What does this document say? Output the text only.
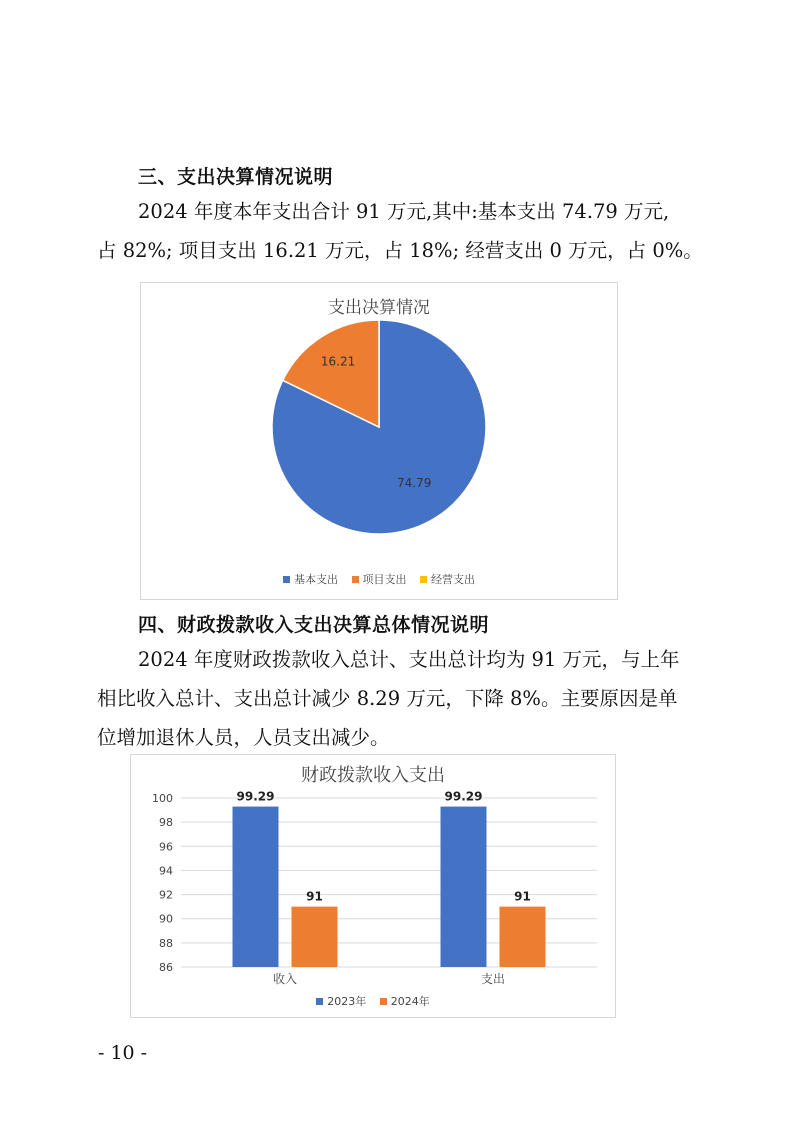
三、支出决算情况说明
2024 年度本年支出合计 91 万元,其中:基本支出 74.79 万元,
占 82%; 项目支出 16.21 万元，占 18%; 经营支出 0 万元，占 0%。
支出决算情况
74.79
16.21
基本支出 项目支出 经营支出
四、财政拨款收入支出决算总体情况说明
2024 年度财政拨款收入总计、支出总计均为 91 万元，与上年
相比收入总计、支出总计减少 8.29 万元，下降 8%。主要原因是单
位增加退休人员，人员支出减少。
财政拨款收入支出
86
88
90
92
94
96
98
100	99.29
91
收入
99.29
91
支出
2023年 2024年
- 10 -
